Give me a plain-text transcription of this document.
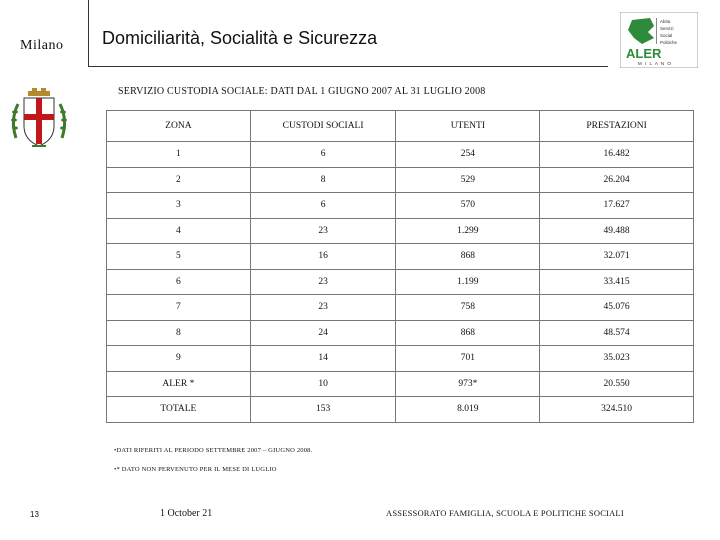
Milano Domiciliarità, Socialità e Sicurezza
Abita
Servizi
Social
Politiche
ALER
M I L A N O
SERVIZIO CUSTODIA SOCIALE: DATI DAL 1 GIUGNO 2007 AL 31 LUGLIO 2008
ZONA	CUSTODI SOCIALI	UTENTI	PRESTAZIONI
1	6	254	16.482
2	8	529	26.204
3	6	570	17.627
4	23	1.299	49.488
5	16	868	32.071
6	23	1.199	33.415
7	23	758	45.076
8	24	868	48.574
9	14	701	35.023
ALER *	10	973*	20.550
TOTALE	153	8.019	324.510
•DATI RIFERITI AL PERIODO SETTEMBRE 2007 – GIUGNO 2008.
•* DATO NON PERVENUTO PER IL MESE DI LUGLIO
13	1 October 21	ASSESSORATO FAMIGLIA, SCUOLA E POLITICHE SOCIALI
